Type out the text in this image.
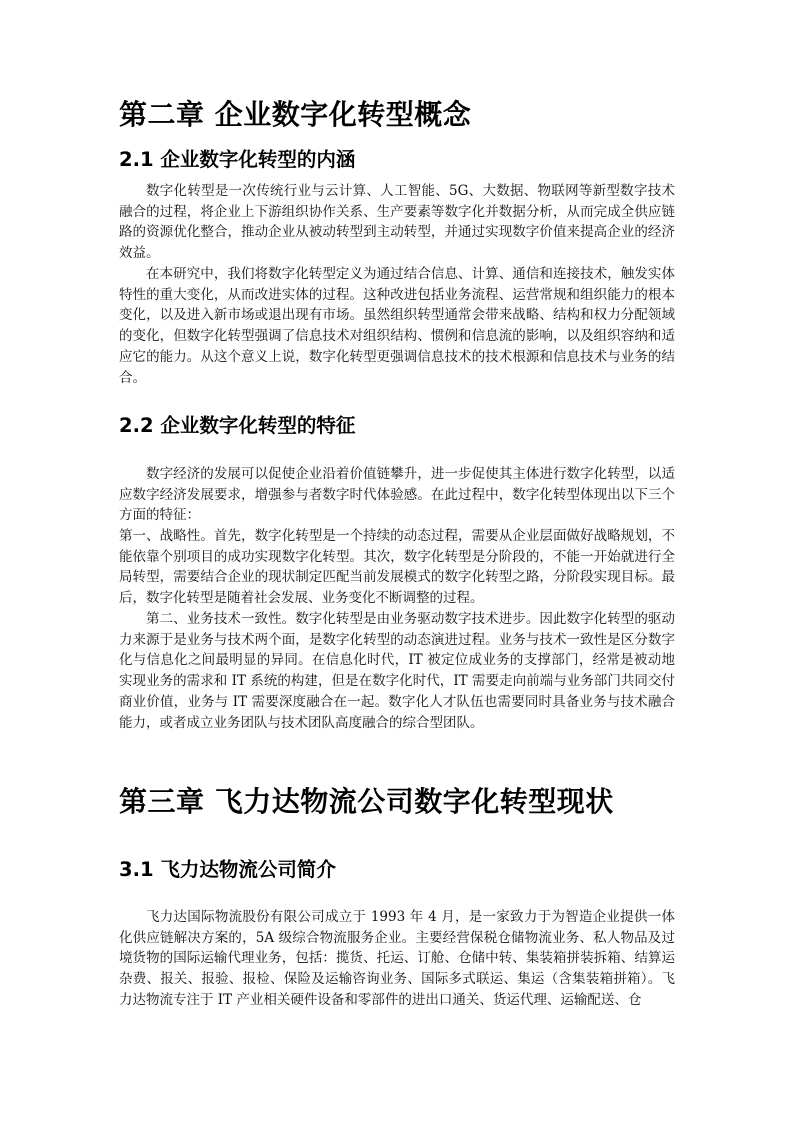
第二章 企业数字化转型概念
2.1 企业数字化转型的内涵

数字化转型是一次传统行业与云计算、人工智能、5G、大数据、物联网等新型数字技术融合的过程，将企业上下游组织协作关系、生产要素等数字化并数据分析，从而完成全供应链路的资源优化整合，推动企业从被动转型到主动转型，并通过实现数字价值来提高企业的经济效益。

在本研究中，我们将数字化转型定义为通过结合信息、计算、通信和连接技术，触发实体特性的重大变化，从而改进实体的过程。这种改进包括业务流程、运营常规和组织能力的根本变化，以及进入新市场或退出现有市场。虽然组织转型通常会带来战略、结构和权力分配领域的变化，但数字化转型强调了信息技术对组织结构、惯例和信息流的影响，以及组织容纳和适应它的能力。从这个意义上说，数字化转型更强调信息技术的技术根源和信息技术与业务的结合。

2.2 企业数字化转型的特征

数字经济的发展可以促使企业沿着价值链攀升，进一步促使其主体进行数字化转型，以适应数字经济发展要求，增强参与者数字时代体验感。在此过程中，数字化转型体现出以下三个方面的特征：

第一、战略性。首先，数字化转型是一个持续的动态过程，需要从企业层面做好战略规划，不能依靠个别项目的成功实现数字化转型。其次，数字化转型是分阶段的，不能一开始就进行全局转型，需要结合企业的现状制定匹配当前发展模式的数字化转型之路，分阶段实现目标。最后，数字化转型是随着社会发展、业务变化不断调整的过程。

第二、业务技术一致性。数字化转型是由业务驱动数字技术进步。因此数字化转型的驱动力来源于是业务与技术两个面，是数字化转型的动态演进过程。业务与技术一致性是区分数字化与信息化之间最明显的异同。在信息化时代，IT 被定位成业务的支撑部门，经常是被动地实现业务的需求和 IT 系统的构建，但是在数字化时代，IT 需要走向前端与业务部门共同交付商业价值，业务与 IT 需要深度融合在一起。数字化人才队伍也需要同时具备业务与技术融合能力，或者成立业务团队与技术团队高度融合的综合型团队。

第三章 飞力达物流公司数字化转型现状
3.1 飞力达物流公司简介

飞力达国际物流股份有限公司成立于 1993 年 4 月，是一家致力于为智造企业提供一体化供应链解决方案的，5A 级综合物流服务企业。主要经营保税仓储物流业务、私人物品及过境货物的国际运输代理业务，包括：揽货、托运、订舱、仓储中转、集装箱拼装拆箱、结算运杂费、报关、报验、报检、保险及运输咨询业务、国际多式联运、集运（含集装箱拼箱）。飞力达物流专注于 IT 产业相关硬件设备和零部件的进出口通关、货运代理、运输配送、仓
